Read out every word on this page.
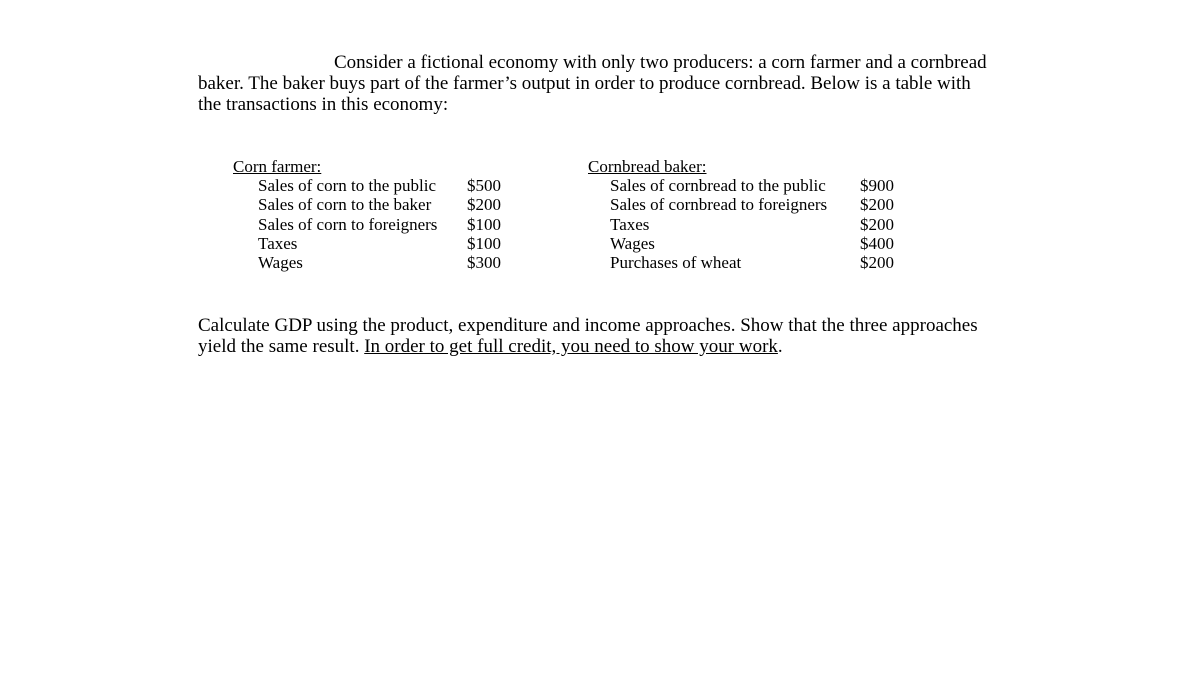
Consider a fictional economy with only two producers: a corn farmer and a cornbread
baker. The baker buys part of the farmer’s output in order to produce cornbread. Below is a table with
the transactions in this economy:

Corn farmer:
Sales of corn to the public	$500
Sales of corn to the baker	$200
Sales of corn to foreigners	$100
Taxes	$100
Wages	$300
Cornbread baker:
Sales of cornbread to the public	$900
Sales of cornbread to foreigners	$200
Taxes	$200
Wages	$400
Purchases of wheat	$200

Calculate GDP using the product, expenditure and income approaches. Show that the three approaches
yield the same result. In order to get full credit, you need to show your work.
